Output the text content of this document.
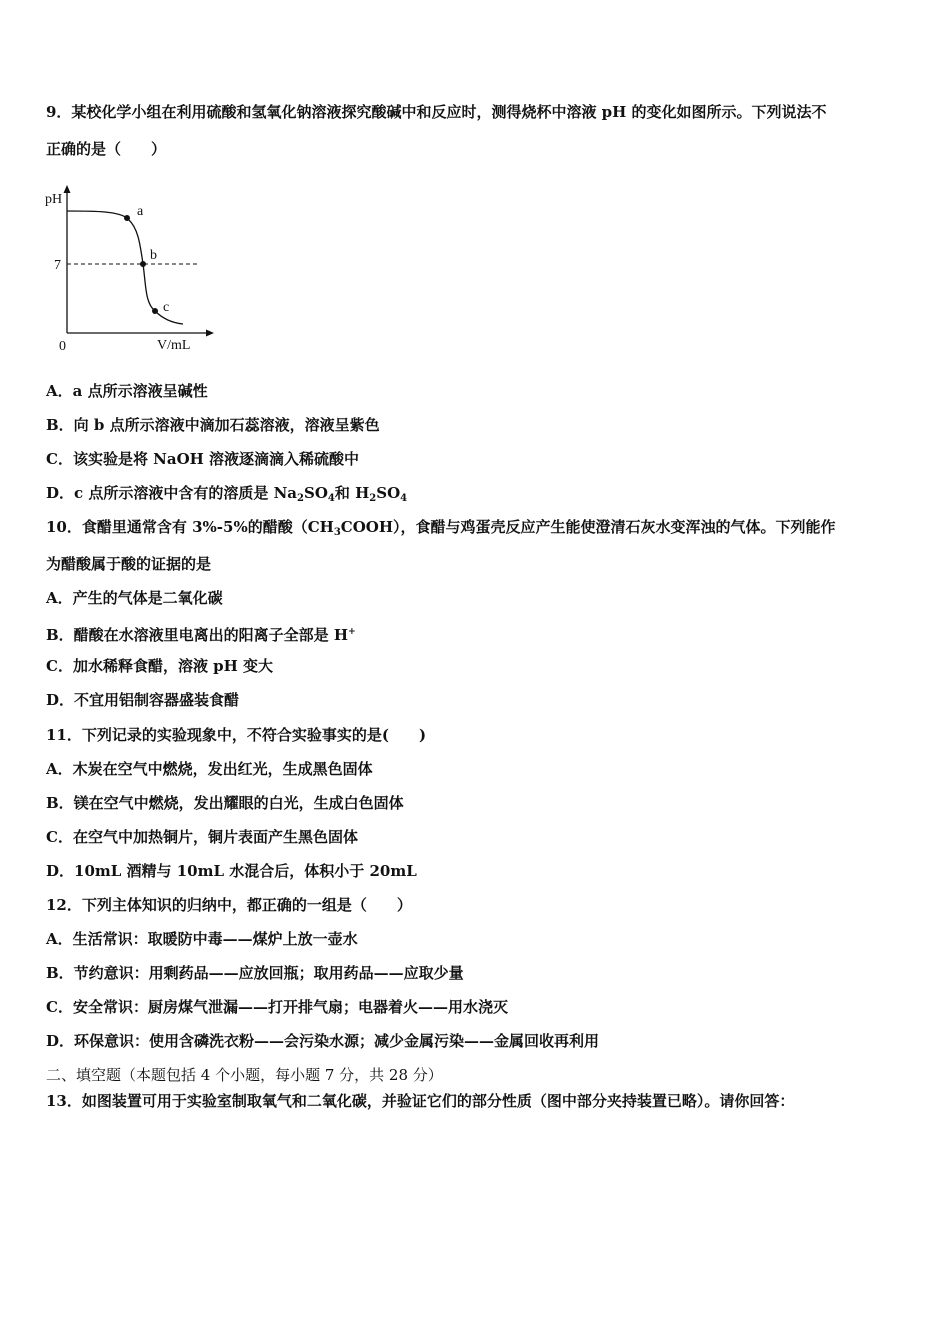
9．某校化学小组在利用硫酸和氢氧化钠溶液探究酸碱中和反应时，测得烧杯中溶液 pH 的变化如图所示。下列说法不
正确的是（　　）
pH
7
0	V/mL
a
b
c
A．a 点所示溶液呈碱性
B．向 b 点所示溶液中滴加石蕊溶液，溶液呈紫色
C．该实验是将 NaOH 溶液逐滴滴入稀硫酸中
D．c 点所示溶液中含有的溶质是 $Na_2SO_4$和 $H_2SO_4$
10．食醋里通常含有 3%-5%的醋酸$(CH_3COOH)$，食醋与鸡蛋壳反应产生能使澄清石灰水变浑浊的气体。下列能作
为醋酸属于酸的证据的是
A．产生的气体是二氧化碳
B．醋酸在水溶液里电离出的阳离子全部是 H+
C．加水稀释食醋，溶液 pH 变大
D．不宜用铝制容器盛装食醋
11．下列记录的实验现象中，不符合实验事实的是(　　)
A．木炭在空气中燃烧，发出红光，生成黑色固体
B．镁在空气中燃烧，发出耀眼的白光，生成白色固体
C．在空气中加热铜片，铜片表面产生黑色固体
D．10mL 酒精与 10mL 水混合后，体积小于 20mL
12．下列主体知识的归纳中，都正确的一组是（　　）
A．生活常识：取暖防中毒——煤炉上放一壶水
B．节约意识：用剩药品——应放回瓶；取用药品——应取少量
C．安全常识：厨房煤气泄漏——打开排气扇；电器着火——用水浇灭
D．环保意识：使用含磷洗衣粉——会污染水源；减少金属污染——金属回收再利用
二、填空题（本题包括 4 个小题，每小题 7 分，共 28 分）
13．如图装置可用于实验室制取氧气和二氧化碳，并验证它们的部分性质（图中部分夹持装置已略）。请你回答：
